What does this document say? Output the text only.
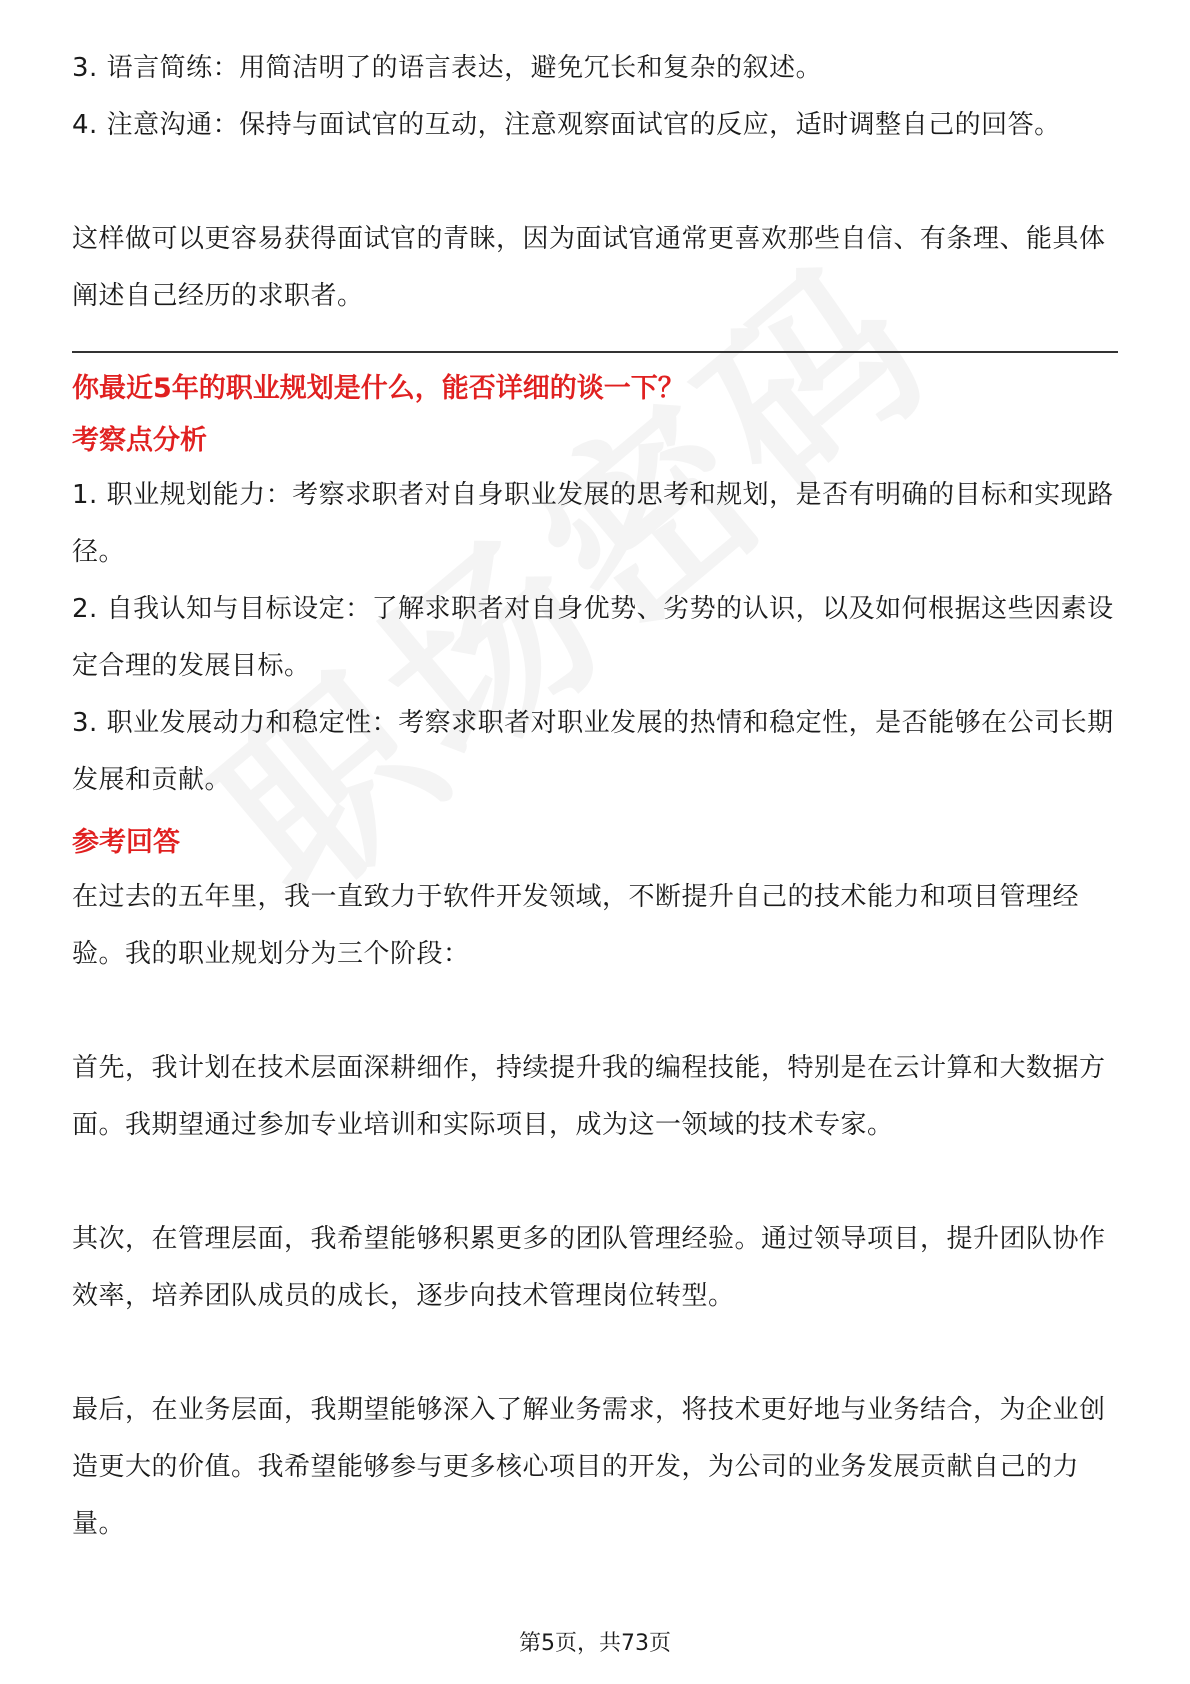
3. 语言简练：用简洁明了的语言表达，避免冗长和复杂的叙述。

4. 注意沟通：保持与面试官的互动，注意观察面试官的反应，适时调整自己的回答。

这样做可以更容易获得面试官的青睐，因为面试官通常更喜欢那些自信、有条理、能具体阐述自己经历的求职者。

你最近5年的职业规划是什么，能否详细的谈一下？

考察点分析

1. 职业规划能力：考察求职者对自身职业发展的思考和规划，是否有明确的目标和实现路径。

2. 自我认知与目标设定：了解求职者对自身优势、劣势的认识，以及如何根据这些因素设定合理的发展目标。

3. 职业发展动力和稳定性：考察求职者对职业发展的热情和稳定性，是否能够在公司长期发展和贡献。

参考回答

在过去的五年里，我一直致力于软件开发领域，不断提升自己的技术能力和项目管理经验。我的职业规划分为三个阶段：

首先，我计划在技术层面深耕细作，持续提升我的编程技能，特别是在云计算和大数据方面。我期望通过参加专业培训和实际项目，成为这一领域的技术专家。

其次，在管理层面，我希望能够积累更多的团队管理经验。通过领导项目，提升团队协作效率，培养团队成员的成长，逐步向技术管理岗位转型。

最后，在业务层面，我期望能够深入了解业务需求，将技术更好地与业务结合，为企业创造更大的价值。我希望能够参与更多核心项目的开发，为公司的业务发展贡献自己的力量。

第5页，共73页
